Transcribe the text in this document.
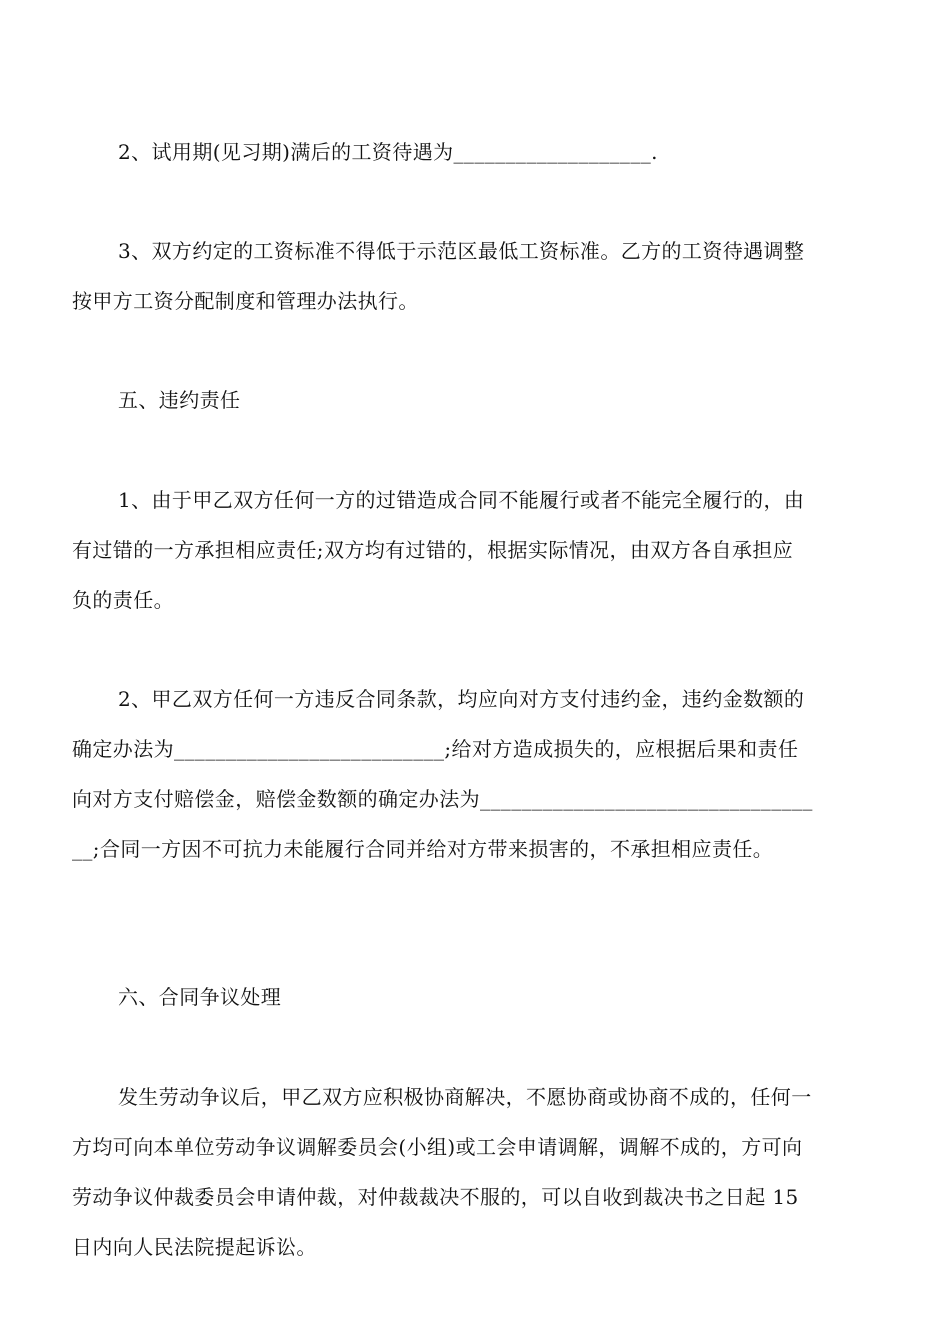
2、试用期(见习期)满后的工资待遇为___________________.
3、双方约定的工资标准不得低于示范区最低工资标准。乙方的工资待遇调整
按甲方工资分配制度和管理办法执行。
五、违约责任
1、由于甲乙双方任何一方的过错造成合同不能履行或者不能完全履行的，由
有过错的一方承担相应责任;双方均有过错的，根据实际情况，由双方各自承担应
负的责任。
2、甲乙双方任何一方违反合同条款，均应向对方支付违约金，违约金数额的
确定办法为__________________________;给对方造成损失的，应根据后果和责任
向对方支付赔偿金，赔偿金数额的确定办法为________________________________
__;合同一方因不可抗力未能履行合同并给对方带来损害的，不承担相应责任。
六、合同争议处理
发生劳动争议后，甲乙双方应积极协商解决，不愿协商或协商不成的，任何一
方均可向本单位劳动争议调解委员会(小组)或工会申请调解，调解不成的，方可向
劳动争议仲裁委员会申请仲裁，对仲裁裁决不服的，可以自收到裁决书之日起 15
日内向人民法院提起诉讼。
